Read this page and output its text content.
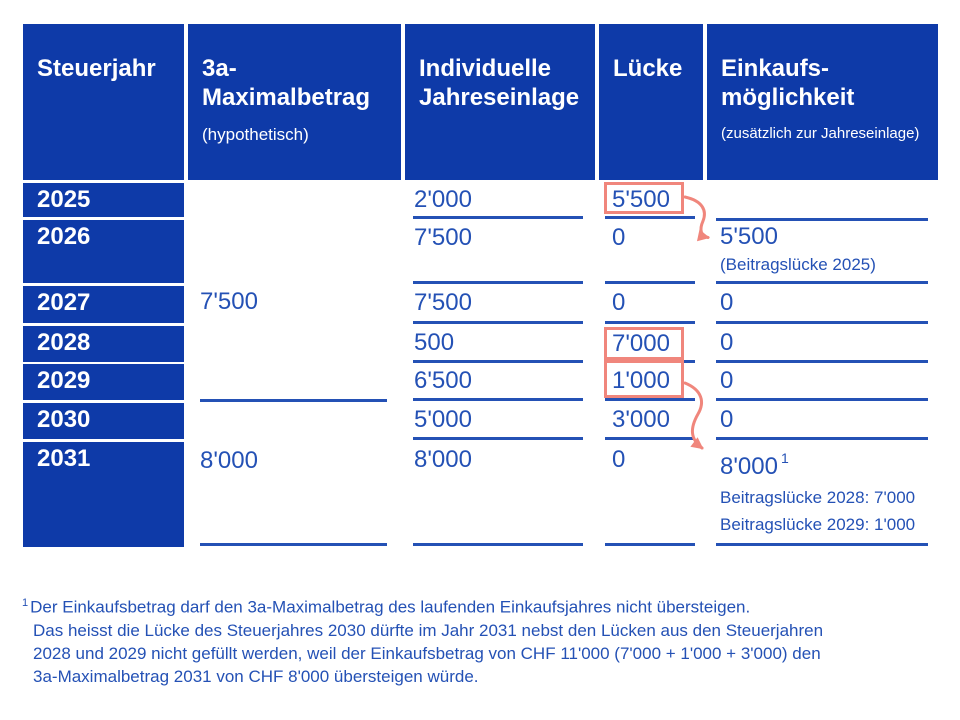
Steuerjahr	3a-
Maximalbetrag
(hypothetisch)
Individuelle
Jahreseinlage
Lücke	Einkaufs-
möglichkeit
(zusätzlich zur Jahreseinlage)
2025
2026
2027
2028
2029
2030
2031
7'500
8'000
2'000
7'500
7'500
500
6'500
5'000
8'000
5'500
0
0
7'000
1'000
3'000
0
5'500
(Beitragslücke 2025)
0
0
0
0
8'000 $^1$
Beitragslücke 2028: 7'000
Beitragslücke 2029: 1'000
$^1$ Der Einkaufsbetrag darf den 3a-Maximalbetrag des laufenden Einkaufsjahres nicht übersteigen.
Das heisst die Lücke des Steuerjahres 2030 dürfte im Jahr 2031 nebst den Lücken aus den Steuerjahren
2028 und 2029 nicht gefüllt werden, weil der Einkaufsbetrag von CHF 11'000 (7'000 + 1'000 + 3'000) den
3a-Maximalbetrag 2031 von CHF 8'000 übersteigen würde.
